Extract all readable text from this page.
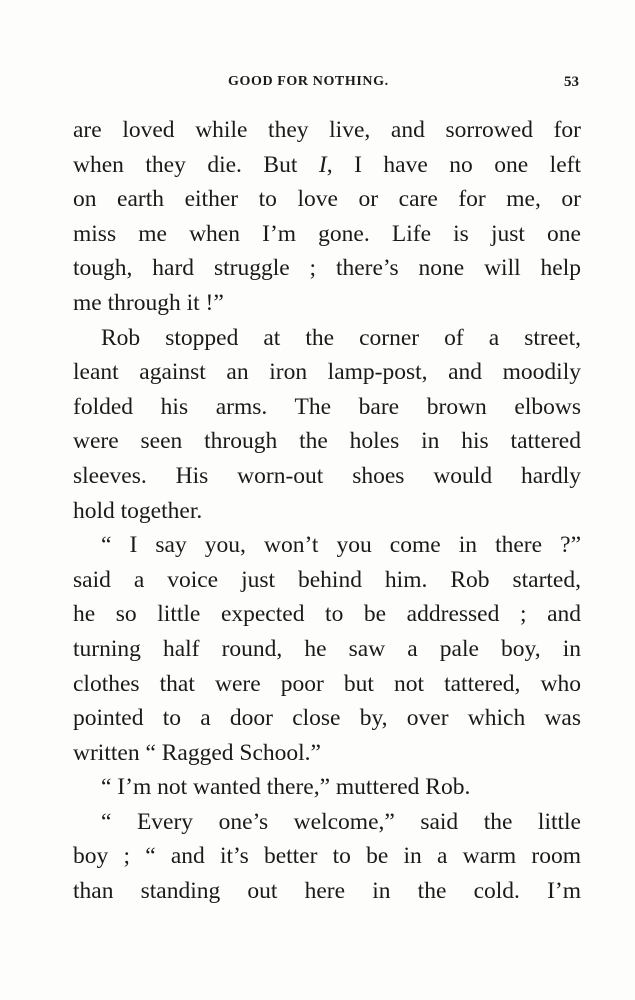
GOOD FOR NOTHING.	53
are loved while they live, and sorrowed for
when they die. But I, I have no one left
on earth either to love or care for me, or
miss me when I’m gone. Life is just one
tough, hard struggle ; there’s none will help
me through it !”
Rob stopped at the corner of a street,
leant against an iron lamp-post, and moodily
folded his arms. The bare brown elbows
were seen through the holes in his tattered
sleeves. His worn-out shoes would hardly
hold together.
“ I say you, won’t you come in there ?”
said a voice just behind him. Rob started,
he so little expected to be addressed ; and
turning half round, he saw a pale boy, in
clothes that were poor but not tattered, who
pointed to a door close by, over which was
written “ Ragged School.”
“ I’m not wanted there,” muttered Rob.
“ Every one’s welcome,” said the little
boy ; “ and it’s better to be in a warm room
than standing out here in the cold. I’m
